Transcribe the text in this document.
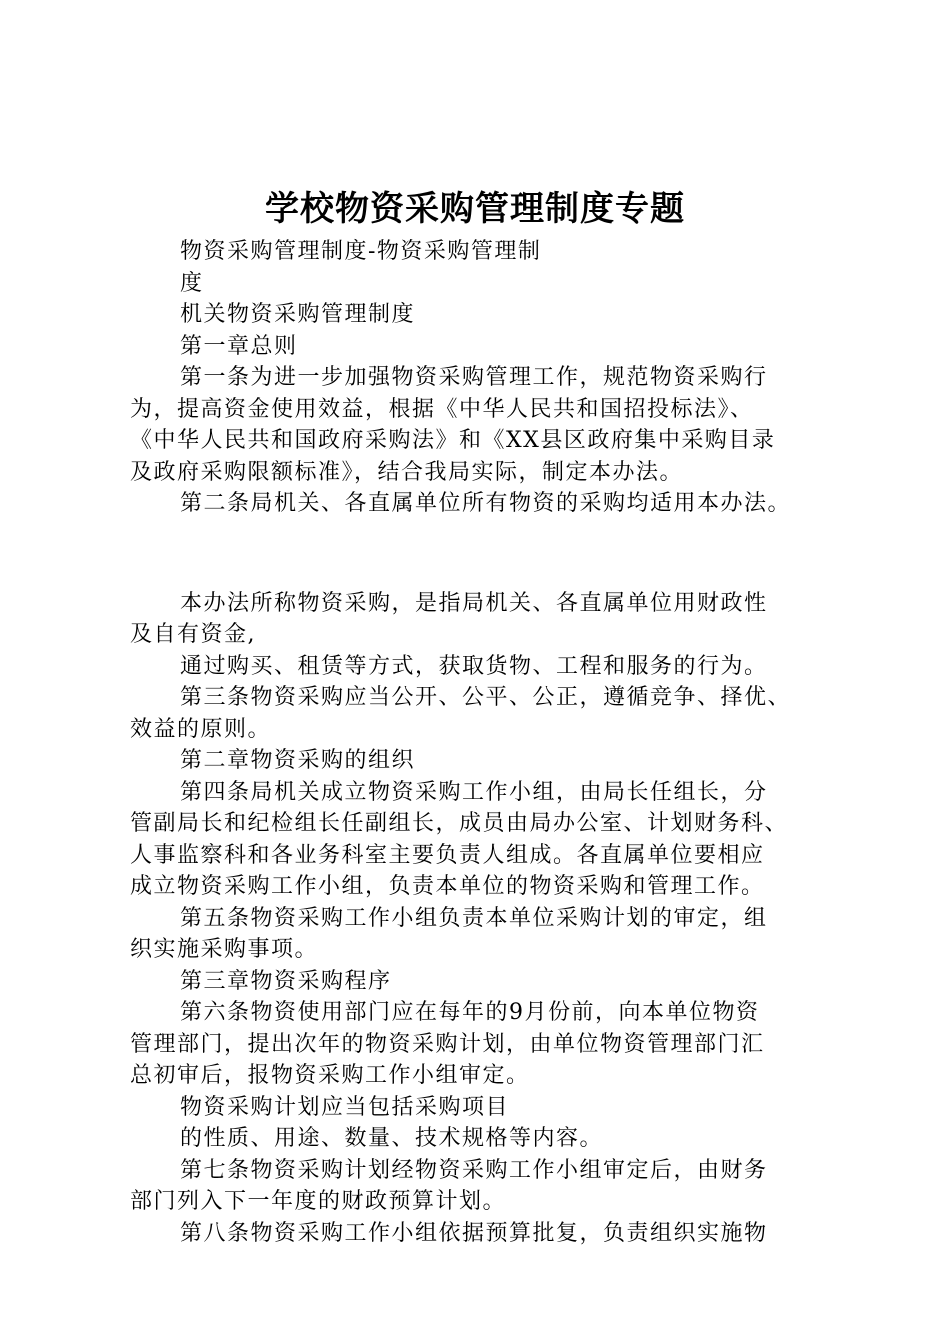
学校物资采购管理制度专题

物资采购管理制度-物资采购管理制

度

机关物资采购管理制度

第一章总则

第一条为进一步加强物资采购管理工作，规范物资采购行

为，提高资金使用效益，根据《中华人民共和国招投标法》、

《中华人民共和国政府采购法》和《XX县区政府集中采购目录

及政府采购限额标准》，结合我局实际，制定本办法。

第二条局机关、各直属单位所有物资的采购均适用本办法。

本办法所称物资采购，是指局机关、各直属单位用财政性

及自有资金,

通过购买、租赁等方式，获取货物、工程和服务的行为。

第三条物资采购应当公开、公平、公正，遵循竞争、择优、

效益的原则。

第二章物资采购的组织

第四条局机关成立物资采购工作小组，由局长任组长，分

管副局长和纪检组长任副组长，成员由局办公室、计划财务科、

人事监察科和各业务科室主要负责人组成。各直属单位要相应

成立物资采购工作小组，负责本单位的物资采购和管理工作。

第五条物资采购工作小组负责本单位采购计划的审定，组

织实施采购事项。

第三章物资采购程序

第六条物资使用部门应在每年的9月份前，向本单位物资

管理部门，提出次年的物资采购计划，由单位物资管理部门汇

总初审后，报物资采购工作小组审定。

物资采购计划应当包括采购项目

的性质、用途、数量、技术规格等内容。

第七条物资采购计划经物资采购工作小组审定后，由财务

部门列入下一年度的财政预算计划。

第八条物资采购工作小组依据预算批复，负责组织实施物
